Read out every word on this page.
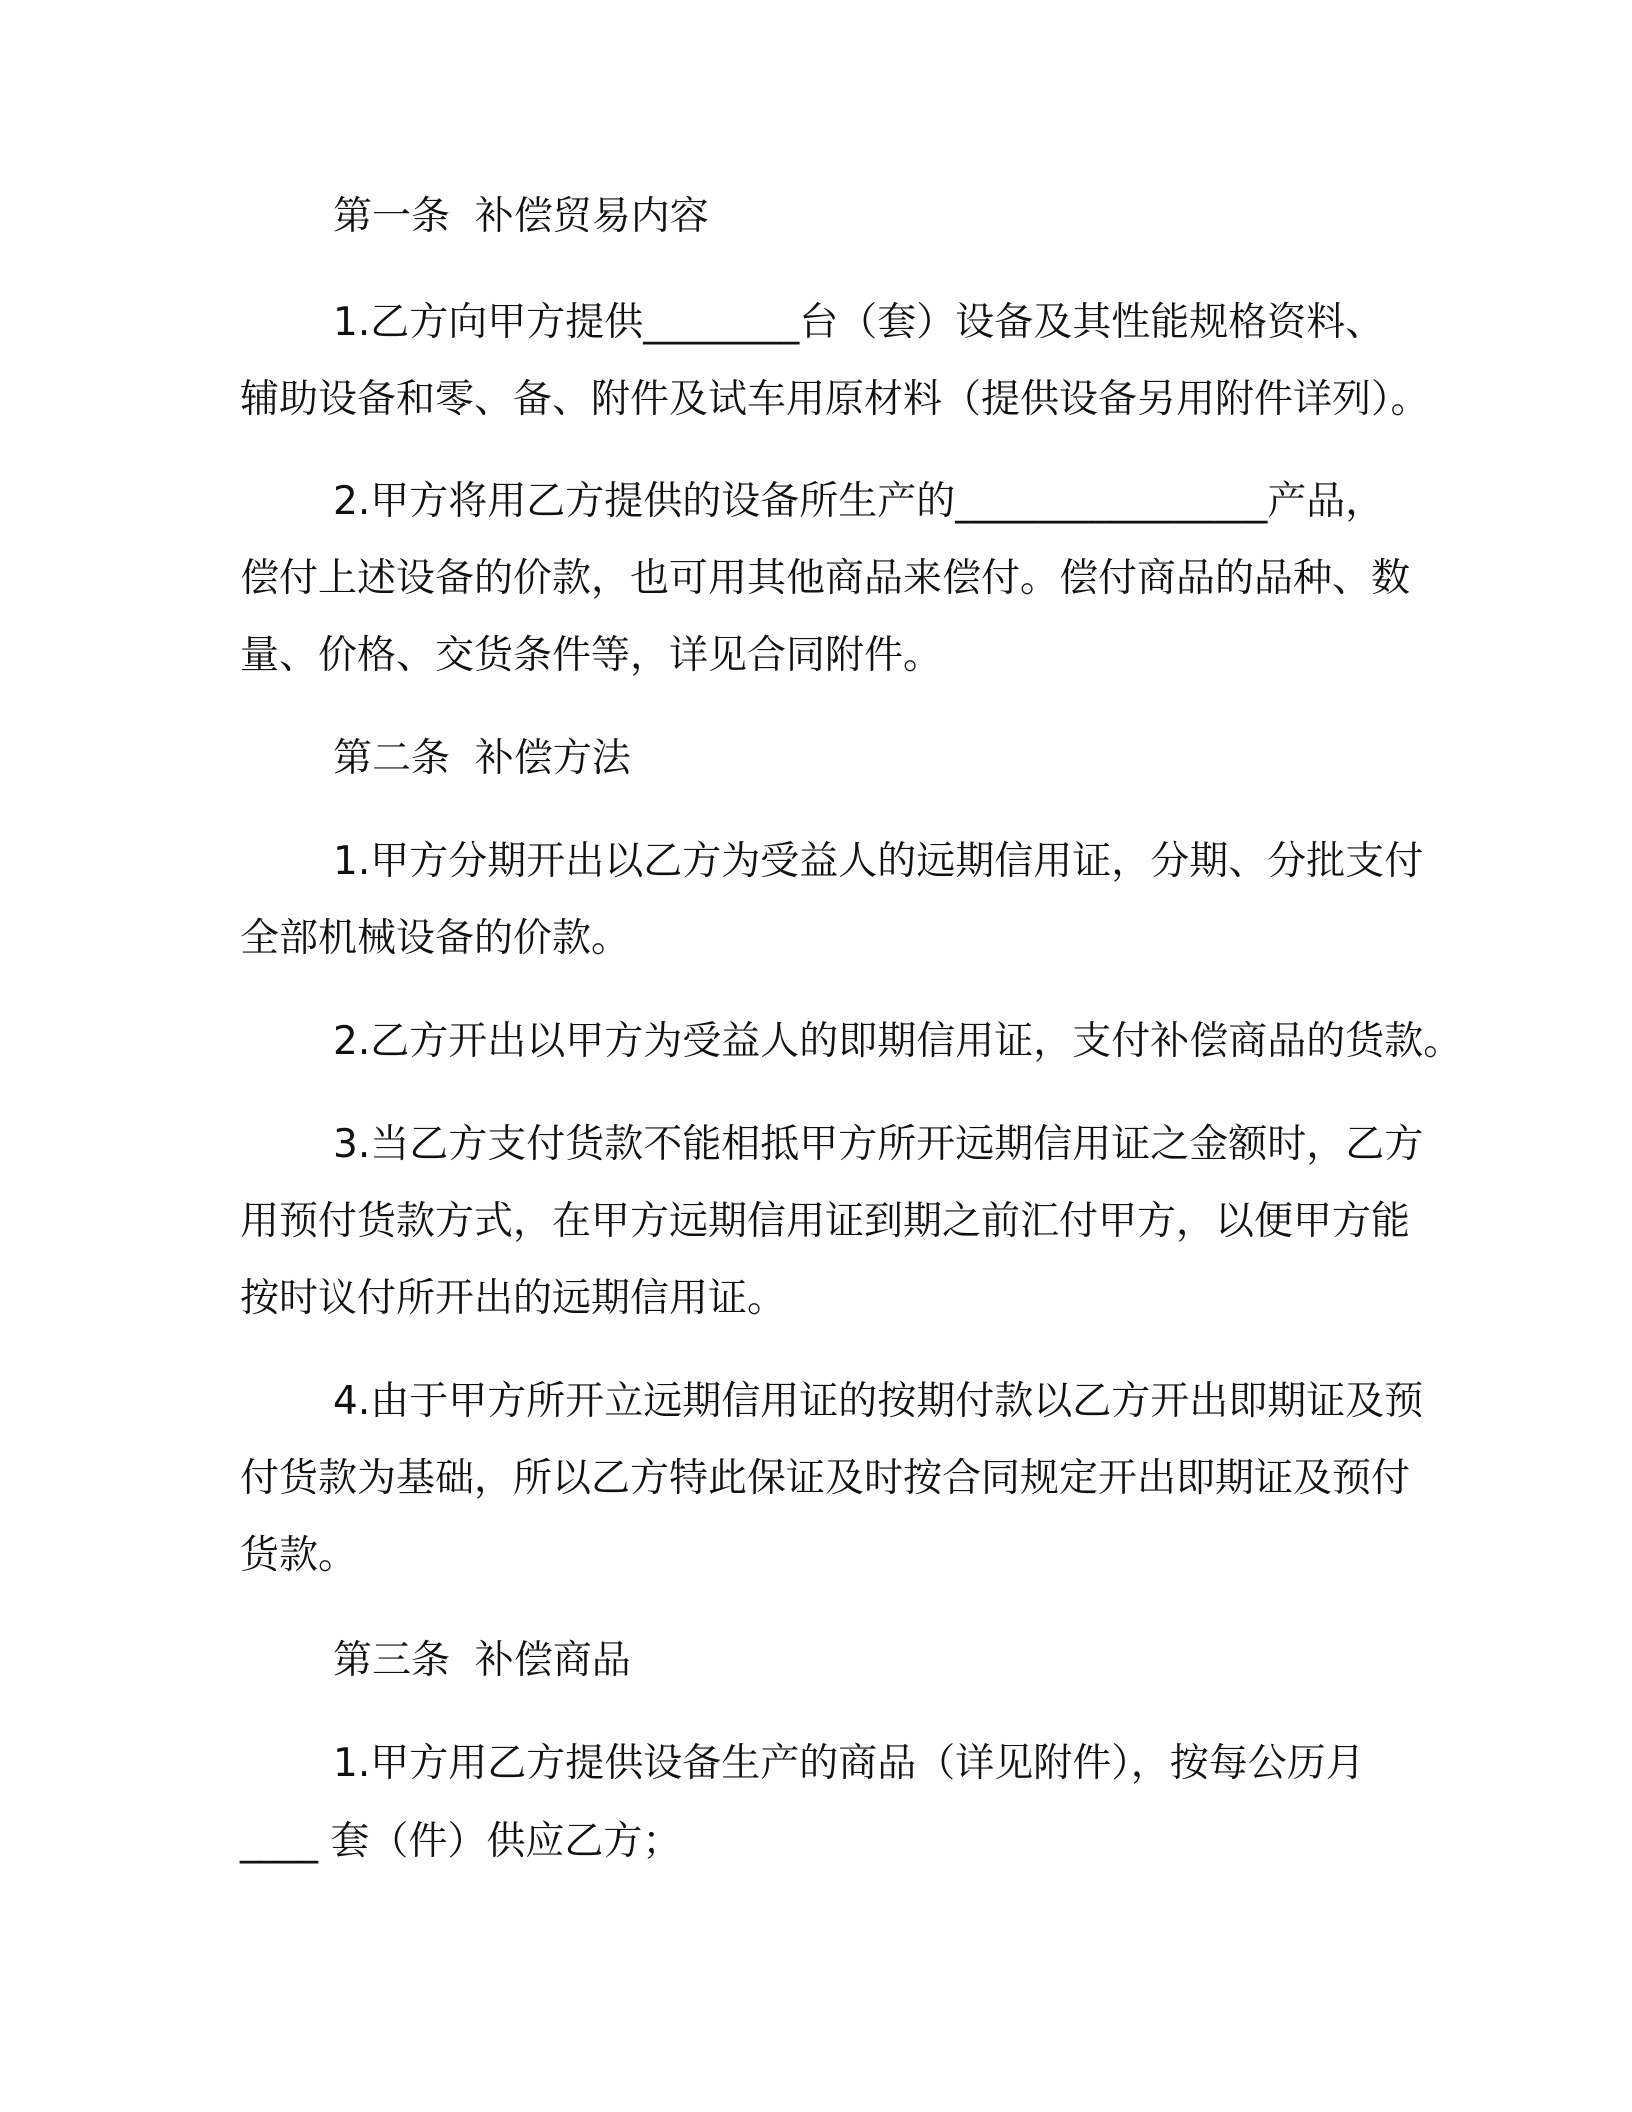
第一条  补偿贸易内容

1.乙方向甲方提供________台（套）设备及其性能规格资料、

辅助设备和零、备、附件及试车用原材料（提供设备另用附件详列）。

2.甲方将用乙方提供的设备所生产的________________产品，

偿付上述设备的价款，也可用其他商品来偿付。偿付商品的品种、数

量、价格、交货条件等，详见合同附件。

第二条  补偿方法

1.甲方分期开出以乙方为受益人的远期信用证，分期、分批支付

全部机械设备的价款。

2.乙方开出以甲方为受益人的即期信用证，支付补偿商品的货款。

3.当乙方支付货款不能相抵甲方所开远期信用证之金额时，乙方

用预付货款方式，在甲方远期信用证到期之前汇付甲方，以便甲方能

按时议付所开出的远期信用证。

4.由于甲方所开立远期信用证的按期付款以乙方开出即期证及预

付货款为基础，所以乙方特此保证及时按合同规定开出即期证及预付

货款。

第三条  补偿商品

1.甲方用乙方提供设备生产的商品（详见附件），按每公历月

____ 套（件）供应乙方；
